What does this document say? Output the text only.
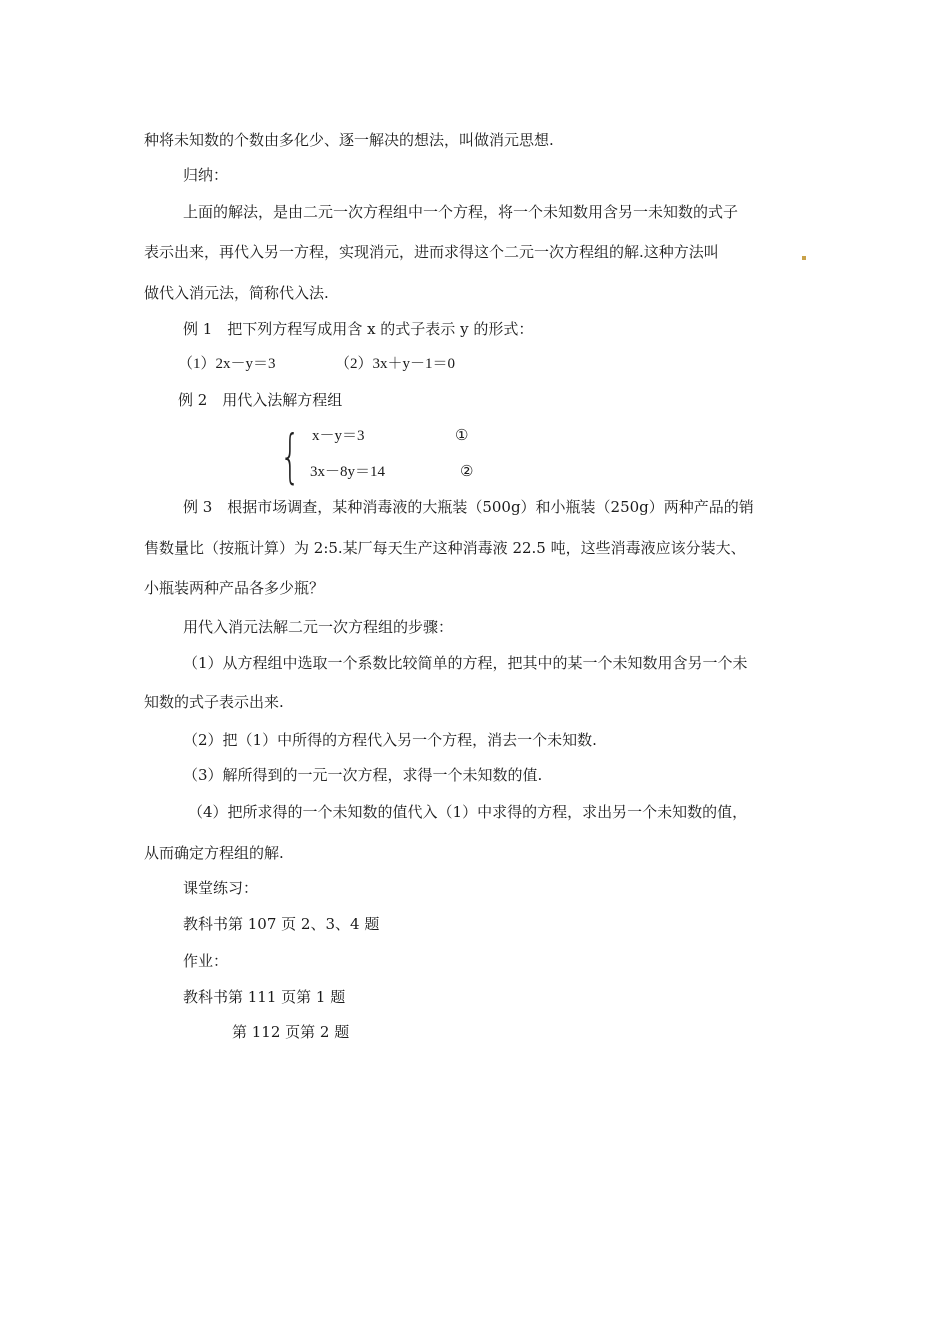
种将未知数的个数由多化少、逐一解决的想法，叫做消元思想.
归纳：
上面的解法，是由二元一次方程组中一个方程，将一个未知数用含另一未知数的式子
表示出来，再代入另一方程，实现消元，进而求得这个二元一次方程组的解.这种方法叫
做代入消元法，简称代入法.
例 1　把下列方程写成用含 x 的式子表示 y 的形式：
（1）2x－y＝3	（2）3x＋y－1＝0
例 2　用代入法解方程组
{ x－y＝3	①
3x－8y＝14	②
例 3　根据市场调查，某种消毒液的大瓶装（500g）和小瓶装（250g）两种产品的销
售数量比（按瓶计算）为 2:5.某厂每天生产这种消毒液 22.5 吨，这些消毒液应该分装大、
小瓶装两种产品各多少瓶？
用代入消元法解二元一次方程组的步骤：
（1）从方程组中选取一个系数比较简单的方程，把其中的某一个未知数用含另一个未
知数的式子表示出来.
（2）把（1）中所得的方程代入另一个方程，消去一个未知数.
（3）解所得到的一元一次方程，求得一个未知数的值.
（4）把所求得的一个未知数的值代入（1）中求得的方程，求出另一个未知数的值，
从而确定方程组的解.
课堂练习：
教科书第 107 页 2、3、4 题
作业：
教科书第 111 页第 1 题
第 112 页第 2 题
